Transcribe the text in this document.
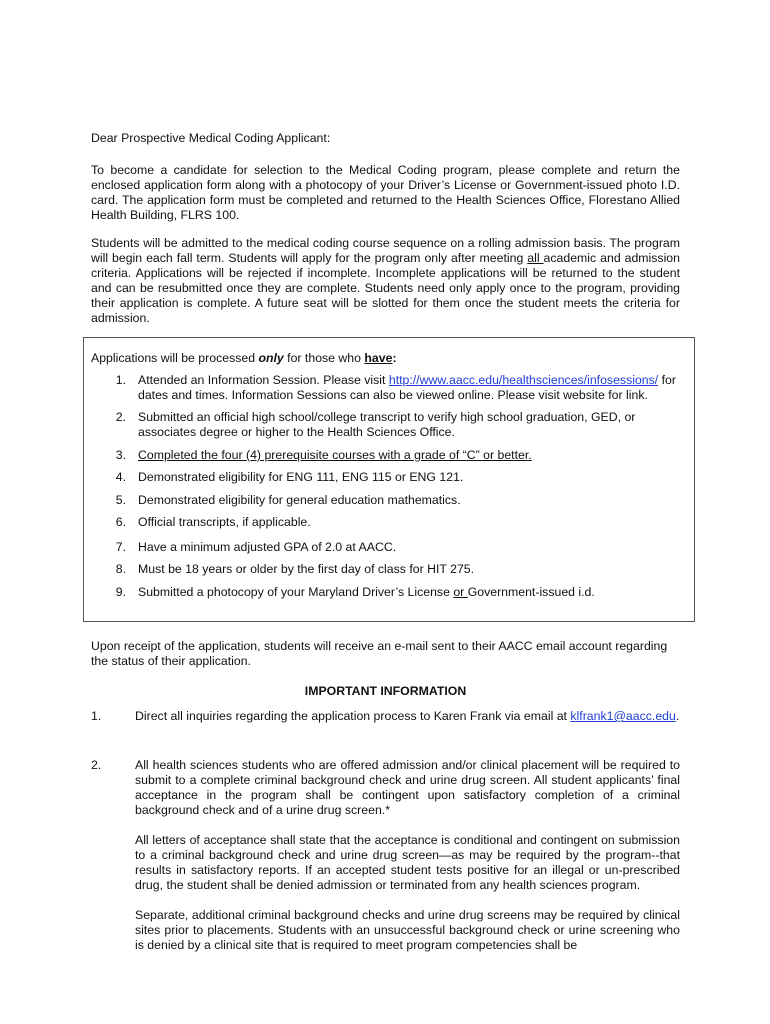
Dear Prospective Medical Coding Applicant:

To become a candidate for selection to the Medical Coding program, please complete and return the enclosed application form along with a photocopy of your Driver’s License or Government-issued photo I.D. card. The application form must be completed and returned to the Health Sciences Office, Florestano Allied Health Building, FLRS 100.

Students will be admitted to the medical coding course sequence on a rolling admission basis. The program will begin each fall term. Students will apply for the program only after meeting all academic and admission criteria. Applications will be rejected if incomplete. Incomplete applications will be returned to the student and can be resubmitted once they are complete. Students need only apply once to the program, providing their application is complete. A future seat will be slotted for them once the student meets the criteria for admission.

Applications will be processed only for those who have:
1. Attended an Information Session. Please visit http://www.aacc.edu/healthsciences/infosessions/ for dates and times. Information Sessions can also be viewed online. Please visit website for link.
2. Submitted an official high school/college transcript to verify high school graduation, GED, or associates degree or higher to the Health Sciences Office.
3. Completed the four (4) prerequisite courses with a grade of “C” or better.
4. Demonstrated eligibility for ENG 111, ENG 115 or ENG 121.
5. Demonstrated eligibility for general education mathematics.
6. Official transcripts, if applicable.
7. Have a minimum adjusted GPA of 2.0 at AACC.
8. Must be 18 years or older by the first day of class for HIT 275.
9. Submitted a photocopy of your Maryland Driver’s License or Government-issued i.d.

Upon receipt of the application, students will receive an e-mail sent to their AACC email account regarding the status of their application.

IMPORTANT INFORMATION
1.	Direct all inquiries regarding the application process to Karen Frank via email at klfrank1@aacc.edu.
2.	All health sciences students who are offered admission and/or clinical placement will be required to submit to a complete criminal background check and urine drug screen. All student applicants’ final acceptance in the program shall be contingent upon satisfactory completion of a criminal background check and of a urine drug screen.*

All letters of acceptance shall state that the acceptance is conditional and contingent on submission to a criminal background check and urine drug screen—as may be required by the program--that results in satisfactory reports. If an accepted student tests positive for an illegal or un-prescribed drug, the student shall be denied admission or terminated from any health sciences program.

Separate, additional criminal background checks and urine drug screens may be required by clinical sites prior to placements. Students with an unsuccessful background check or urine screening who is denied by a clinical site that is required to meet program competencies shall be
